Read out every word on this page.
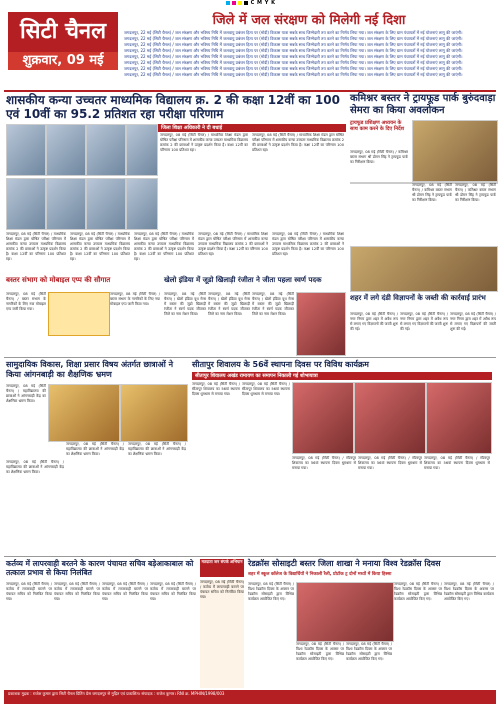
C M Y K
सिटी चैनल
शुक्रवार, 09 मई 2025
जिले में जल संरक्षण को मिलेगी नई दिशा

जगदलपुर, 22 मई (सिटी चैनल) / जल संरक्षण और भविष्य निधि में जलवायु प्रबंधन हित्य पर (मोदी) विकास यात्रा सबके साथ जिम्मेदारी तय करने का निर्णय लिया गया। जल संरक्षण के लिए ग्राम पंचायतों में नई योजनाएं लागू की जाएंगी।

जगदलपुर, 22 मई (सिटी चैनल) / जल संरक्षण और भविष्य निधि में जलवायु प्रबंधन हित्य पर (मोदी) विकास यात्रा सबके साथ जिम्मेदारी तय करने का निर्णय लिया गया। जल संरक्षण के लिए ग्राम पंचायतों में नई योजनाएं लागू की जाएंगी।

जगदलपुर, 22 मई (सिटी चैनल) / जल संरक्षण और भविष्य निधि में जलवायु प्रबंधन हित्य पर (मोदी) विकास यात्रा सबके साथ जिम्मेदारी तय करने का निर्णय लिया गया। जल संरक्षण के लिए ग्राम पंचायतों में नई योजनाएं लागू की जाएंगी।

जगदलपुर, 22 मई (सिटी चैनल) / जल संरक्षण और भविष्य निधि में जलवायु प्रबंधन हित्य पर (मोदी) विकास यात्रा सबके साथ जिम्मेदारी तय करने का निर्णय लिया गया। जल संरक्षण के लिए ग्राम पंचायतों में नई योजनाएं लागू की जाएंगी।

जगदलपुर, 22 मई (सिटी चैनल) / जल संरक्षण और भविष्य निधि में जलवायु प्रबंधन हित्य पर (मोदी) विकास यात्रा सबके साथ जिम्मेदारी तय करने का निर्णय लिया गया। जल संरक्षण के लिए ग्राम पंचायतों में नई योजनाएं लागू की जाएंगी।

जगदलपुर, 22 मई (सिटी चैनल) / जल संरक्षण और भविष्य निधि में जलवायु प्रबंधन हित्य पर (मोदी) विकास यात्रा सबके साथ जिम्मेदारी तय करने का निर्णय लिया गया। जल संरक्षण के लिए ग्राम पंचायतों में नई योजनाएं लागू की जाएंगी।

जगदलपुर, 22 मई (सिटी चैनल) / जल संरक्षण और भविष्य निधि में जलवायु प्रबंधन हित्य पर (मोदी) विकास यात्रा सबके साथ जिम्मेदारी तय करने का निर्णय लिया गया। जल संरक्षण के लिए ग्राम पंचायतों में नई योजनाएं लागू की जाएंगी।

जगदलपुर, 22 मई (सिटी चैनल) / जल संरक्षण और भविष्य निधि में जलवायु प्रबंधन हित्य पर (मोदी) विकास यात्रा सबके साथ जिम्मेदारी तय करने का निर्णय लिया गया। जल संरक्षण के लिए ग्राम पंचायतों में नई योजनाएं लागू की जाएंगी।

शासकीय कन्या उच्चतर माध्यमिक विद्यालय क्र. 2 की कक्षा 12वीं का 100 एवं 10वीं का 95.2 प्रतिशत रहा परीक्षा परिणाम
जिला शिक्षा अधिकारी ने दी बधाई
जगदलपुर, 08 मई (सिटी चैनल) / माध्यमिक शिक्षा मंडल द्वारा घोषित परीक्षा परिणाम में शासकीय कन्या उच्चतर माध्यमिक विद्यालय क्रमांक 2 की छात्राओं ने उत्कृष्ट प्रदर्शन किया है। कक्षा 12वीं का परिणाम 100 प्रतिशत रहा।
जगदलपुर, 08 मई (सिटी चैनल) / माध्यमिक शिक्षा मंडल द्वारा घोषित परीक्षा परिणाम में शासकीय कन्या उच्चतर माध्यमिक विद्यालय क्रमांक 2 की छात्राओं ने उत्कृष्ट प्रदर्शन किया है। कक्षा 12वीं का परिणाम 100 प्रतिशत रहा।
जगदलपुर, 08 मई (सिटी चैनल) / माध्यमिक शिक्षा मंडल द्वारा घोषित परीक्षा परिणाम में शासकीय कन्या उच्चतर माध्यमिक विद्यालय क्रमांक 2 की छात्राओं ने उत्कृष्ट प्रदर्शन किया है। कक्षा 12वीं का परिणाम 100 प्रतिशत रहा।
जगदलपुर, 08 मई (सिटी चैनल) / माध्यमिक शिक्षा मंडल द्वारा घोषित परीक्षा परिणाम में शासकीय कन्या उच्चतर माध्यमिक विद्यालय क्रमांक 2 की छात्राओं ने उत्कृष्ट प्रदर्शन किया है। कक्षा 12वीं का परिणाम 100 प्रतिशत रहा।
जगदलपुर, 08 मई (सिटी चैनल) / माध्यमिक शिक्षा मंडल द्वारा घोषित परीक्षा परिणाम में शासकीय कन्या उच्चतर माध्यमिक विद्यालय क्रमांक 2 की छात्राओं ने उत्कृष्ट प्रदर्शन किया है। कक्षा 12वीं का परिणाम 100 प्रतिशत रहा।
जगदलपुर, 08 मई (सिटी चैनल) / माध्यमिक शिक्षा मंडल द्वारा घोषित परीक्षा परिणाम में शासकीय कन्या उच्चतर माध्यमिक विद्यालय क्रमांक 2 की छात्राओं ने उत्कृष्ट प्रदर्शन किया है। कक्षा 12वीं का परिणाम 100 प्रतिशत रहा।
जगदलपुर, 08 मई (सिटी चैनल) / माध्यमिक शिक्षा मंडल द्वारा घोषित परीक्षा परिणाम में शासकीय कन्या उच्चतर माध्यमिक विद्यालय क्रमांक 2 की छात्राओं ने उत्कृष्ट प्रदर्शन किया है। कक्षा 12वीं का परिणाम 100 प्रतिशत रहा।
कमिश्नर बस्तर ने ट्रायफूड पार्क बुरुंदवाड़ा सेमरा का किया अवलोकन
ट्रायफूड प्रशिक्षण अध्ययन के साथ काम करने के दिए निर्देश
जगदलपुर, 08 मई (सिटी चैनल) / कमिश्नर बस्तर संभाग श्री डोमन सिंह ने ट्रायफूड पार्क का निरीक्षण किया।
जगदलपुर, 08 मई (सिटी चैनल) / कमिश्नर बस्तर संभाग श्री डोमन सिंह ने ट्रायफूड पार्क का निरीक्षण किया।
जगदलपुर, 08 मई (सिटी चैनल) / कमिश्नर बस्तर संभाग श्री डोमन सिंह ने ट्रायफूड पार्क का निरीक्षण किया।
बस्तर संभाग को मोबाइल एप्प की सौगात
जगदलपुर, 08 मई (सिटी चैनल) / बस्तर संभाग के नागरिकों के लिए नया मोबाइल एप्प जारी किया गया।
जगदलपुर, 08 मई (सिटी चैनल) / बस्तर संभाग के नागरिकों के लिए नया मोबाइल एप्प जारी किया गया।
खेलो इंडिया में जूडो खिलाड़ी रंजीता ने जीता पहला स्वर्ण पदक
जगदलपुर, 08 मई (सिटी चैनल) / खेलो इंडिया यूथ गेम्स में बस्तर की जूडो खिलाड़ी रंजीता ने स्वर्ण पदक जीतकर जिले का नाम रोशन किया।
जगदलपुर, 08 मई (सिटी चैनल) / खेलो इंडिया यूथ गेम्स में बस्तर की जूडो खिलाड़ी रंजीता ने स्वर्ण पदक जीतकर जिले का नाम रोशन किया।
जगदलपुर, 08 मई (सिटी चैनल) / खेलो इंडिया यूथ गेम्स में बस्तर की जूडो खिलाड़ी रंजीता ने स्वर्ण पदक जीतकर जिले का नाम रोशन किया।
शहर में लगे दंडी विज्ञापनों के जब्ती की कार्रवाई प्रारंभ
जगदलपुर, 08 मई (सिटी चैनल) / नगर निगम द्वारा शहर में अवैध रूप से लगाए गए विज्ञापनों की जब्ती शुरू की गई।
जगदलपुर, 08 मई (सिटी चैनल) / नगर निगम द्वारा शहर में अवैध रूप से लगाए गए विज्ञापनों की जब्ती शुरू की गई।
जगदलपुर, 08 मई (सिटी चैनल) / नगर निगम द्वारा शहर में अवैध रूप से लगाए गए विज्ञापनों की जब्ती शुरू की गई।
सामुदायिक विकास, शिक्षा प्रसार विषय अंतर्गत छात्राओं ने किया आंगनबाड़ी का शैक्षणिक भ्रमण
जगदलपुर, 08 मई (सिटी चैनल) / महाविद्यालय की छात्राओं ने आंगनबाड़ी केंद्र का शैक्षणिक भ्रमण किया।
जगदलपुर, 08 मई (सिटी चैनल) / महाविद्यालय की छात्राओं ने आंगनबाड़ी केंद्र का शैक्षणिक भ्रमण किया।
जगदलपुर, 08 मई (सिटी चैनल) / महाविद्यालय की छात्राओं ने आंगनबाड़ी केंद्र का शैक्षणिक भ्रमण किया।
जगदलपुर, 08 मई (सिटी चैनल) / महाविद्यालय की छात्राओं ने आंगनबाड़ी केंद्र का शैक्षणिक भ्रमण किया।
सीतापुर शिवालय के 56वें स्थापना दिवस पर विविध कार्यक्रम
सीतापुर शिवालय अखंड रामायण का समापन निकाली गई शोभायात्रा
जगदलपुर, 08 मई (सिटी चैनल) / सीतापुर शिवालय का 56वां स्थापना दिवस धूमधाम से मनाया गया।
जगदलपुर, 08 मई (सिटी चैनल) / सीतापुर शिवालय का 56वां स्थापना दिवस धूमधाम से मनाया गया।
जगदलपुर, 08 मई (सिटी चैनल) / सीतापुर शिवालय का 56वां स्थापना दिवस धूमधाम से मनाया गया।
जगदलपुर, 08 मई (सिटी चैनल) / सीतापुर शिवालय का 56वां स्थापना दिवस धूमधाम से मनाया गया।
जगदलपुर, 08 मई (सिटी चैनल) / सीतापुर शिवालय का 56वां स्थापना दिवस धूमधाम से मनाया गया।
कर्तव्य में लापरवाही बरतने के कारण पंचायत सचिव बड़ेआकाबाल को तत्काल प्रभाव से किया निलंबित
जगदलपुर, 08 मई (सिटी चैनल) / कर्तव्य में लापरवाही बरतने पर पंचायत सचिव को निलंबित किया गया।
जगदलपुर, 08 मई (सिटी चैनल) / कर्तव्य में लापरवाही बरतने पर पंचायत सचिव को निलंबित किया गया।
जगदलपुर, 08 मई (सिटी चैनल) / कर्तव्य में लापरवाही बरतने पर पंचायत सचिव को निलंबित किया गया।
जगदलपुर, 08 मई (सिटी चैनल) / कर्तव्य में लापरवाही बरतने पर पंचायत सचिव को निलंबित किया गया।
मतदाता जन संपर्क अभियान
जगदलपुर, 08 मई (सिटी चैनल) / कर्तव्य में लापरवाही बरतने पर पंचायत सचिव को निलंबित किया गया।
रेडक्रॉस सोसाइटी बस्तर जिला शाखा ने मनाया विश्व रेडक्रॉस दिवस
शहर में स्कूल कॉलेज के विद्यार्थियों ने निकाली रैली, प्रोटॉक ट्र दोनों मध्यों में किया हिस्सा
जगदलपुर, 08 मई (सिटी चैनल) / विश्व रेडक्रॉस दिवस के अवसर पर रेडक्रॉस सोसाइटी द्वारा विभिन्न कार्यक्रम आयोजित किए गए।
जगदलपुर, 08 मई (सिटी चैनल) / विश्व रेडक्रॉस दिवस के अवसर पर रेडक्रॉस सोसाइटी द्वारा विभिन्न कार्यक्रम आयोजित किए गए।
जगदलपुर, 08 मई (सिटी चैनल) / विश्व रेडक्रॉस दिवस के अवसर पर रेडक्रॉस सोसाइटी द्वारा विभिन्न कार्यक्रम आयोजित किए गए।
जगदलपुर, 08 मई (सिटी चैनल) / विश्व रेडक्रॉस दिवस के अवसर पर रेडक्रॉस सोसाइटी द्वारा विभिन्न कार्यक्रम आयोजित किए गए।
जगदलपुर, 08 मई (सिटी चैनल) / विश्व रेडक्रॉस दिवस के अवसर पर रेडक्रॉस सोसाइटी द्वारा विभिन्न कार्यक्रम आयोजित किए गए।
प्रकाशक मुद्रक : राजेश कुमार द्वारा सिटी चैनल प्रिंटिंग प्रेस जगदलपुर से मुद्रित एवं प्रकाशित। संपादक : राजेश कुमार। RNI क्र. MPHIN/1998/003
